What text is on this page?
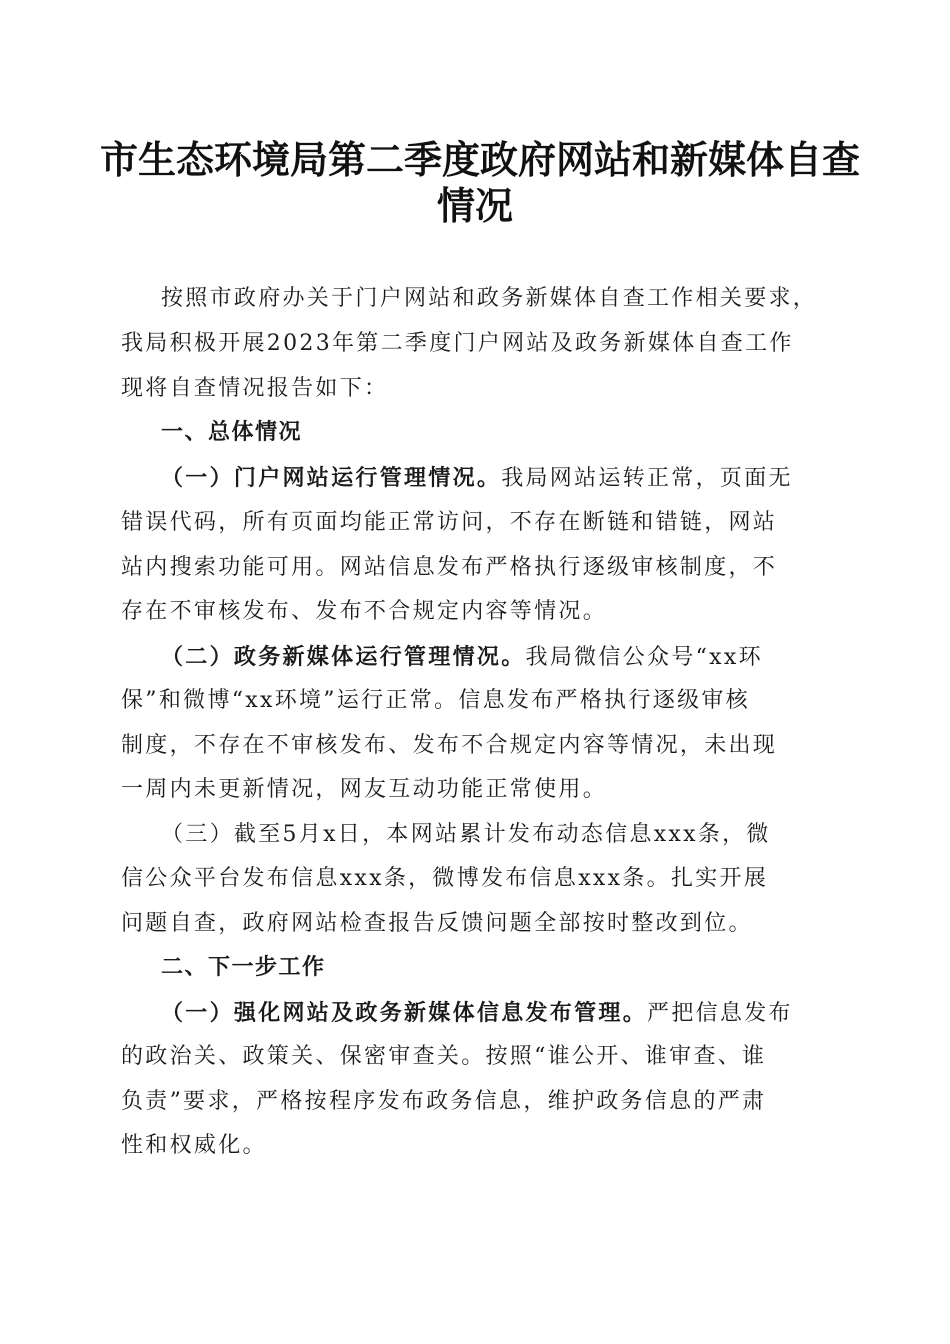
市生态环境局第二季度政府网站和新媒体自查
情况
按照市政府办关于门户网站和政务新媒体自查工作相关要求，
我局积极开展2023年第二季度门户网站及政务新媒体自查工作
现将自查情况报告如下：
一、总体情况
（一）门户网站运行管理情况。我局网站运转正常，页面无
错误代码，所有页面均能正常访问，不存在断链和错链，网站
站内搜索功能可用。网站信息发布严格执行逐级审核制度，不
存在不审核发布、发布不合规定内容等情况。
（二）政务新媒体运行管理情况。我局微信公众号“xx环
保”和微博“xx环境”运行正常。信息发布严格执行逐级审核
制度，不存在不审核发布、发布不合规定内容等情况，未出现
一周内未更新情况，网友互动功能正常使用。
（三）截至5月x日，本网站累计发布动态信息xxx条，微
信公众平台发布信息xxx条，微博发布信息xxx条。扎实开展
问题自查，政府网站检查报告反馈问题全部按时整改到位。
二、下一步工作
（一）强化网站及政务新媒体信息发布管理。严把信息发布
的政治关、政策关、保密审查关。按照“谁公开、谁审查、谁
负责”要求，严格按程序发布政务信息，维护政务信息的严肃
性和权威化。
